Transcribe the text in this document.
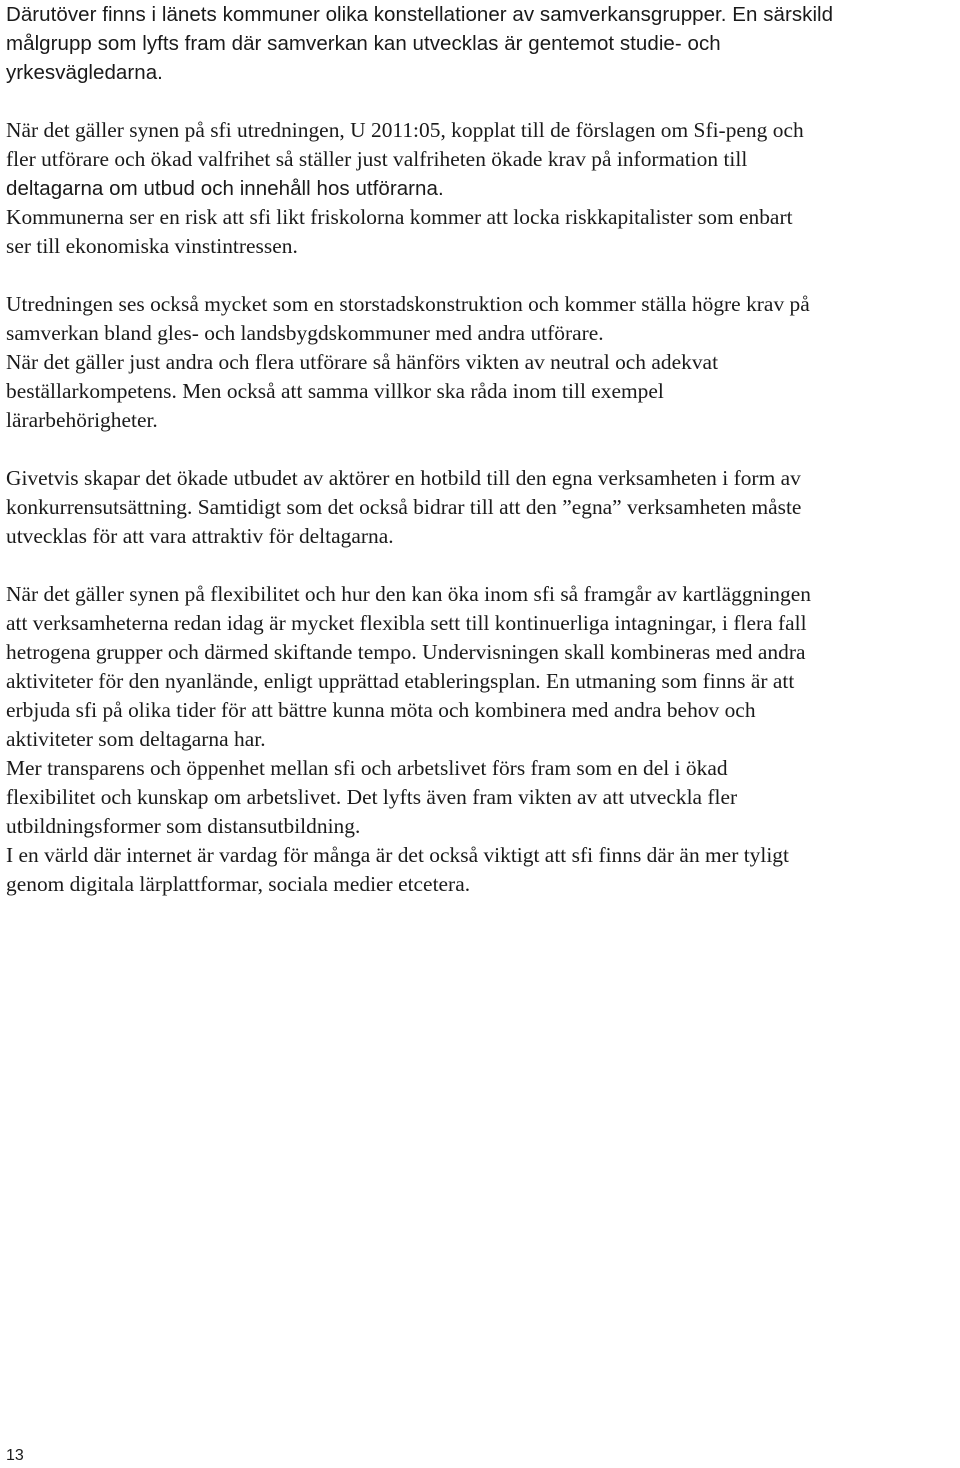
Därutöver finns i länets kommuner olika konstellationer av samverkansgrupper. En särskild
målgrupp som lyfts fram där samverkan kan utvecklas är gentemot studie- och
yrkesvägledarna.

När det gäller synen på sfi utredningen, U 2011:05, kopplat till de förslagen om Sfi-peng och
fler utförare och ökad valfrihet så ställer just valfriheten ökade krav på information till
deltagarna om utbud och innehåll hos utförarna.
Kommunerna ser en risk att sfi likt friskolorna kommer att locka riskkapitalister som enbart
ser till ekonomiska vinstintressen.

Utredningen ses också mycket som en storstadskonstruktion och kommer ställa högre krav på
samverkan bland gles- och landsbygdskommuner med andra utförare.
När det gäller just andra och flera utförare så hänförs vikten av neutral och adekvat
beställarkompetens. Men också att samma villkor ska råda inom till exempel
lärarbehörigheter.

Givetvis skapar det ökade utbudet av aktörer en hotbild till den egna verksamheten i form av
konkurrensutsättning. Samtidigt som det också bidrar till att den ”egna” verksamheten måste
utvecklas för att vara attraktiv för deltagarna.

När det gäller synen på flexibilitet och hur den kan öka inom sfi så framgår av kartläggningen
att verksamheterna redan idag är mycket flexibla sett till kontinuerliga intagningar, i flera fall
hetrogena grupper och därmed skiftande tempo. Undervisningen skall kombineras med andra
aktiviteter för den nyanlände, enligt upprättad etableringsplan. En utmaning som finns är att
erbjuda sfi på olika tider för att bättre kunna möta och kombinera med andra behov och
aktiviteter som deltagarna har.
Mer transparens och öppenhet mellan sfi och arbetslivet förs fram som en del i ökad
flexibilitet och kunskap om arbetslivet. Det lyfts även fram vikten av att utveckla fler
utbildningsformer som distansutbildning.
I en värld där internet är vardag för många är det också viktigt att sfi finns där än mer tyligt
genom digitala lärplattformar, sociala medier etcetera.

13
